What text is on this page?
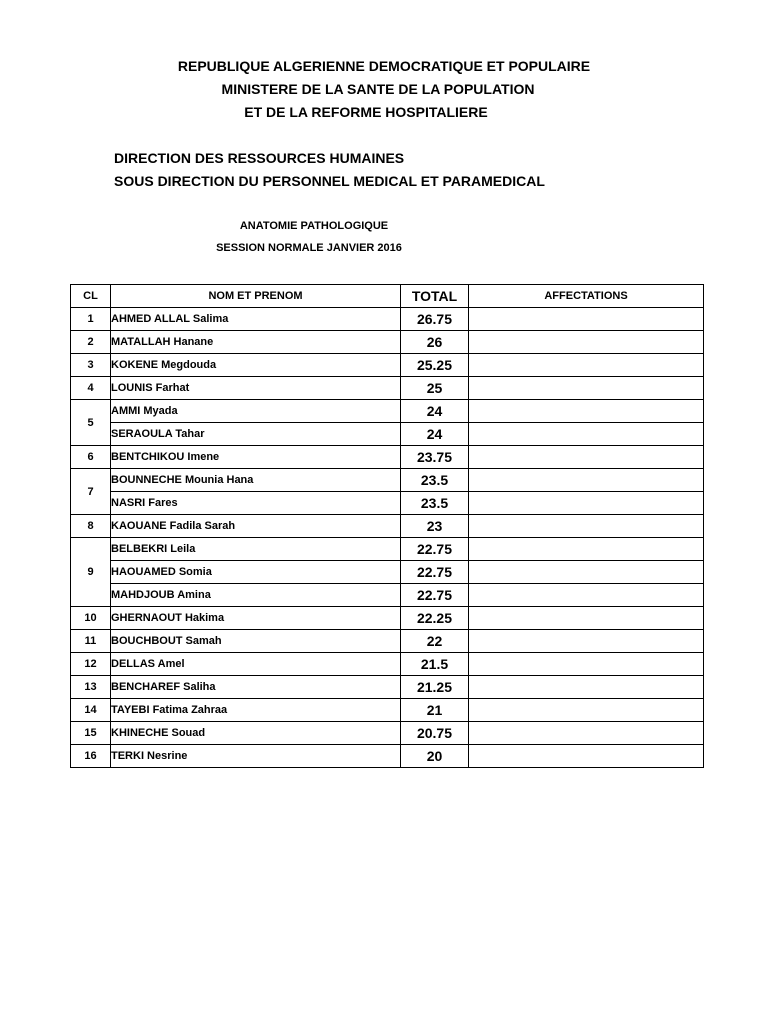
REPUBLIQUE ALGERIENNE DEMOCRATIQUE ET POPULAIRE
MINISTERE DE LA SANTE DE LA POPULATION
ET DE LA REFORME HOSPITALIERE
DIRECTION DES RESSOURCES HUMAINES
SOUS DIRECTION DU PERSONNEL MEDICAL ET PARAMEDICAL
ANATOMIE PATHOLOGIQUE
SESSION NORMALE JANVIER 2016
CL	NOM ET PRENOM	TOTAL	AFFECTATIONS
1	AHMED ALLAL Salima	26.75	
2	MATALLAH Hanane	26	
3	KOKENE Megdouda	25.25	
4	LOUNIS Farhat	25	
5	AMMI Myada	24	
	SERAOULA Tahar	24	
6	BENTCHIKOU Imene	23.75	
7	BOUNNECHE Mounia Hana	23.5	
	NASRI Fares	23.5	
8	KAOUANE Fadila Sarah	23	
9	BELBEKRI Leila	22.75	
	HAOUAMED Somia	22.75	
	MAHDJOUB Amina	22.75	
10	GHERNAOUT Hakima	22.25	
11	BOUCHBOUT Samah	22	
12	DELLAS Amel	21.5	
13	BENCHAREF Saliha	21.25	
14	TAYEBI Fatima Zahraa	21	
15	KHINECHE Souad	20.75	
16	TERKI Nesrine	20	
